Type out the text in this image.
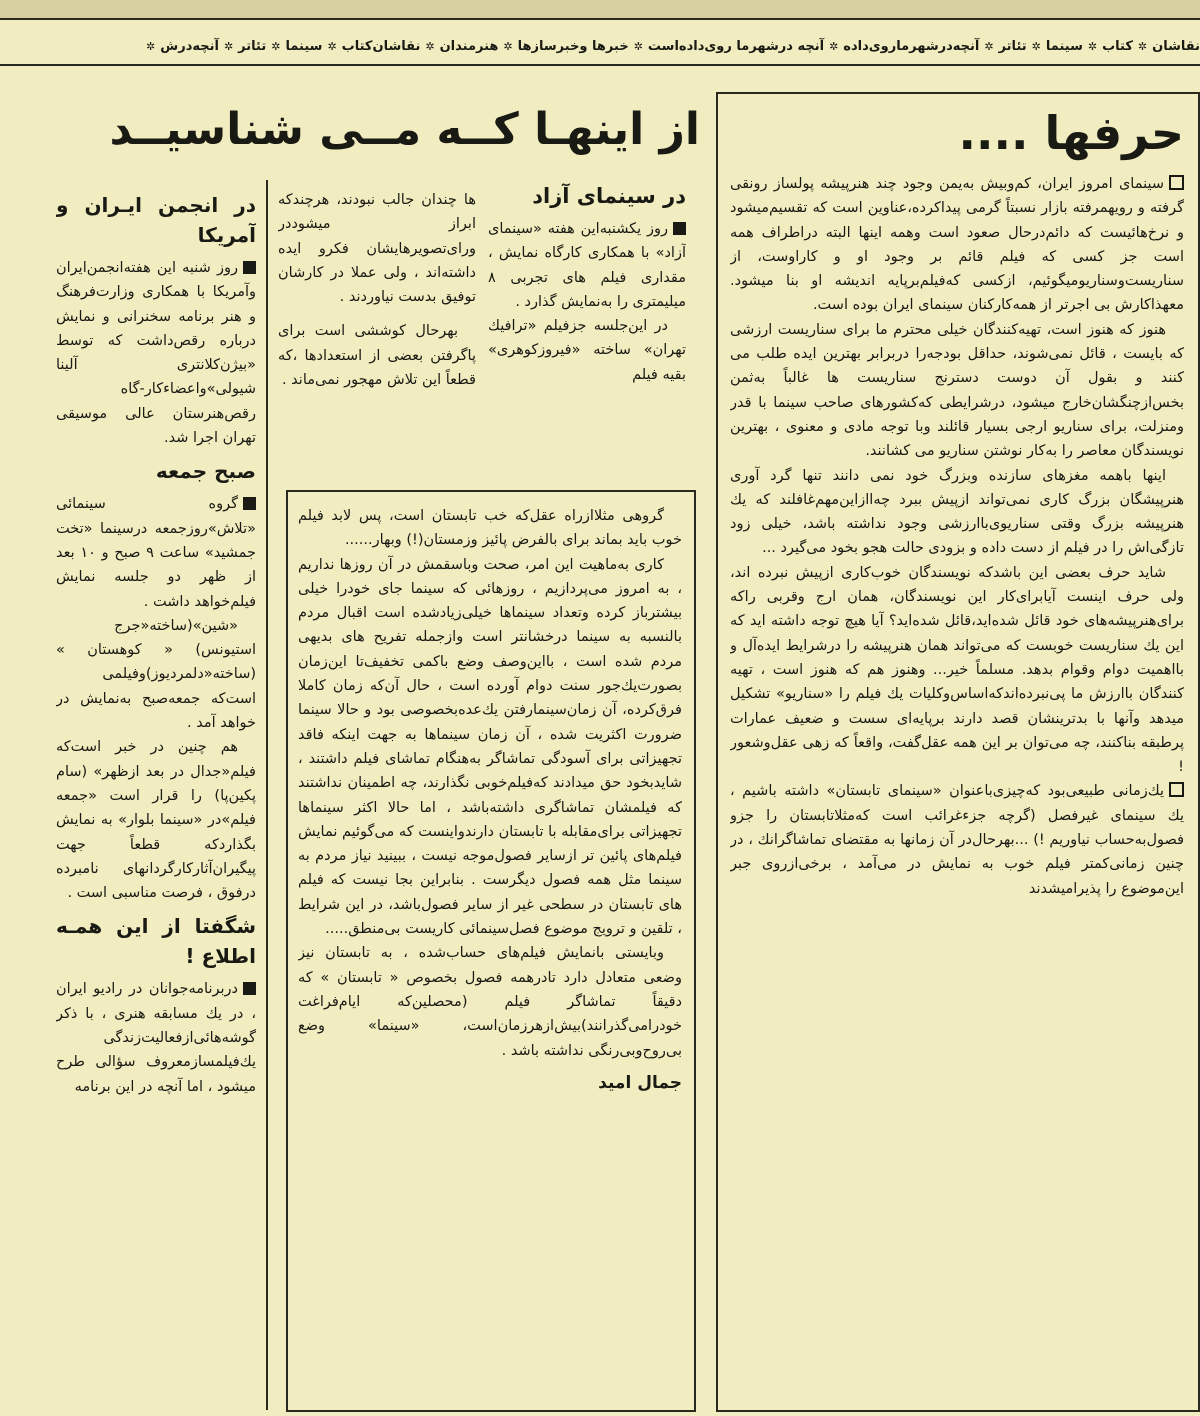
نقاشان✲کتاب✲سینما✲تئاتر✲آنچه‌درشهرماروی‌داده✲آنچه درشهرما روی‌داده‌است✲خبرها وخبرسازها✲هنرمندان✲نقاشان‌کتاب✲سینما✲تئاتر✲آنچه‌درش✲
حرفها ....

سینمای امروز ایران، کم‌وبیش به‌یمن وجود چند هنرپیشه پولساز رونقی گرفته و رویهمرفته بازار نسبتاً گرمی پیداکرده،عناوین است که تقسیم‌میشود و نرخ‌هائیست که دائم‌درحال صعود است وهمه اینها البته دراطراف همه است جز کسی که فیلم قائم بر وجود او و کاراوست، از سناریست‌وسناریو‌میگوئیم، ازکسی که‌فیلم‌بر‌پایه اندیشه او بنا میشود. معهذاکارش بی اجرتر از همه‌کارکنان سینمای ایران بوده است.

هنوز که هنوز است، تهیه‌کنندگان خیلی محترم ما برای سناریست ارزشی که بایست ، قائل نمی‌شوند، حداقل بودجه‌را دربرابر بهترین ایده طلب می کنند و بقول آن دوست دسترنج سناریست ها غالباً به‌ثمن بخس‌ازچنگشان‌خارج میشود، درشرایطی که‌کشورهای صاحب سینما با قدر ومنزلت، برای سناریو ارجی بسیار قائلند وبا توجه مادی و معنوی ، بهترین نویسندگان معاصر را به‌کار نوشتن سناریو می کشانند.

اینها باهمه مغزهای سازنده وبزرگ خود نمی دانند تنها گرد آوری هنرپیشگان بزرگ کاری نمی‌تواند ازپیش ببرد چه‌اازاین‌مهم‌غافلند که یك هنرپیشه بزرگ وقتی سناریوی‌باارزشی وجود نداشته باشد، خیلی زود تازگی‌اش را در فیلم از دست داده و بزودی حالت هجو بخود می‌گیرد ...

شاید حرف بعضی این باشدکه نویسندگان خوب‌کاری ازپیش نبرده اند، ولی حرف اینست آیا‌برای‌کار این نویسندگان، همان ارج وقربی راکه برای‌هنرپیشه‌های خود قائل شده‌اید،قائل شده‌اید؟ آیا هیچ توجه داشته اید که این یك سناریست خوبست که می‌تواند همان هنرپیشه را درشرایط ایده‌آل و بااهمیت دوام وقوام بدهد. مسلماً خیر... وهنوز هم که هنوز است ، تهیه کنندگان باارزش ما پی‌نبرده‌اندکه‌اساس‌وکلیات یك فیلم را «سناریو» تشکیل میدهد وآنها با بدترینشان قصد دارند برپایه‌ای سست و ضعیف عمارات پرطبقه بناکنند، چه می‌توان بر این همه عقل‌گفت، واقعاً که زهی عقل‌وشعور !

یك‌زمانی طبیعی‌بود که‌چیزی‌باعنوان «سینمای تابستان» داشته باشیم ، یك سینمای غیرفصل (گرچه جزءغرائب است که‌مثلاتابستان را جزو فصول‌به‌حساب نیاوریم !) ...بهرحال‌در آن زمانها به مقتضای تماشاگرانك ، در چنین زمانی‌کمتر فیلم خوب به نمایش در می‌آمد ، برخی‌ازروی جبر این‌موضوع را پذیرامیشدند

از اینهـا کــه مــی شناسیــد
در سینمای آزاد

روز یکشنبه‌این هفته «سینمای آزاد» با همکاری کارگاه نمایش ، مقداری فیلم های تجربی ۸ میلیمتری را به‌نمایش گذارد .

در این‌جلسه جزفیلم «ترافیك تهران» ساخته «فیروزکوهری» بقیه فیلم

ها چندان جالب نبودند، هرچندکه ابراز میشوددر ورای‌تصویرهایشان فکرو ایده داشته‌اند ، ولی عملا در کارشان توفیق بدست نیاوردند .

بهرحال کوششی است برای پاگرفتن بعضی از استعدادها ،که قطعاً این تلاش مهجور نمی‌ماند .

گروهی مثلاازراه عقل‌که خب تابستان است، پس لابد فیلم خوب باید بماند برای بالفرض پائیز وزمستان(!) وبهار......

کاری به‌ماهیت این امر، صحت وباسقمش در آن روزها نداریم ، به امروز می‌پردازیم ، روزهائی که سینما جای خودرا خیلی بیشترباز کرده وتعداد سینماها خیلی‌زیادشده است اقبال مردم بالنسبه به سینما درخشانتر است وازجمله تفریح های بدیهی مردم شده است ، بااین‌وصف وضع باکمی تخفیف‌تا این‌زمان بصورت‌یك‌جور سنت دوام آورده است ، حال آن‌که زمان کاملا فرق‌کرده، آن زمان‌سینمارفتن یك‌عده‌بخصوصی بود و حالا سینما ضرورت اکثریت شده ، آن زمان سینماها به جهت اینکه فاقد تجهیزاتی برای آسودگی تماشاگر به‌هنگام تماشای فیلم داشتند ، شایدبخود حق میدادند که‌فیلم‌خوبی نگذارند، چه اطمینان نداشتند که فیلمشان تماشاگری داشته‌باشد ، اما حالا اکثر سینماها تجهیزاتی برای‌مقابله با تابستان دارندواینست که می‌گوئیم نمایش فیلم‌های پائین تر ازسایر فصول‌موجه نیست ، ببینید نیاز مردم به سینما مثل همه فصول دیگرست . بنابراین بجا نیست که فیلم های تابستان در سطحی غیر از سایر فصول‌باشد، در این شرایط ، تلقین و ترویج موضوع فصل‌سینمائی کاریست بی‌منطق.....

وبایستی بانمایش فیلم‌های حساب‌شده ، به تابستان نیز وضعی متعادل دارد تادرهمه فصول بخصوص « تابستان » که دقیقاً تماشاگر فیلم (محصلین‌که ایام‌فراغت خودرا‌می‌گذرانند)بیش‌ازهرزمان‌است، «سینما» وضع بی‌روح‌وبی‌رنگی نداشته باشد .

جمال امید
در انجمن ایـران و آمریکا

روز شنبه این هفته‌انجمن‌ایران وآمریکا با همکاری وزارت‌فرهنگ و هنر برنامه سخنرانی و نمایش درباره رقص‌داشت که توسط «بیژن‌کلانتری آلینا شیولی»واعضاءکار-گاه رقص‌هنرستان عالی موسیقی تهران اجرا شد.

صبح جمعه

گروه سینمائی «تلاش»روزجمعه درسینما «تخت جمشید» ساعت ۹ صبح و ۱۰ بعد از ظهر دو جلسه نمایش فیلم‌خواهد داشت .

«شین»(ساخته«جرج استیونس) « کوهستان » (ساخته«دلمر‌دیوز)وفیلمی است‌که جمعه‌صبح به‌نمایش در خواهد آمد .

هم چنین در خبر است‌که فیلم«جدال در بعد ازظهر» (سام پکین‌پا) را قرار است «جمعه فیلم»در «سینما بلوار» به نمایش بگذاردکه قطعاً جهت پیگیران‌آثارکارگردانهای نامبرده درفوق ، فرصت مناسبی است .

شگفتا از این همـه اطلاع !

دربرنامه‌جوانان در رادیو ایران ، در یك مسابقه هنری ، با ذکر گوشه‌هائی‌ازفعالیت‌زندگی یك‌فیلمسازمعروف سؤالی طرح میشود ، اما آنچه در این برنامه
